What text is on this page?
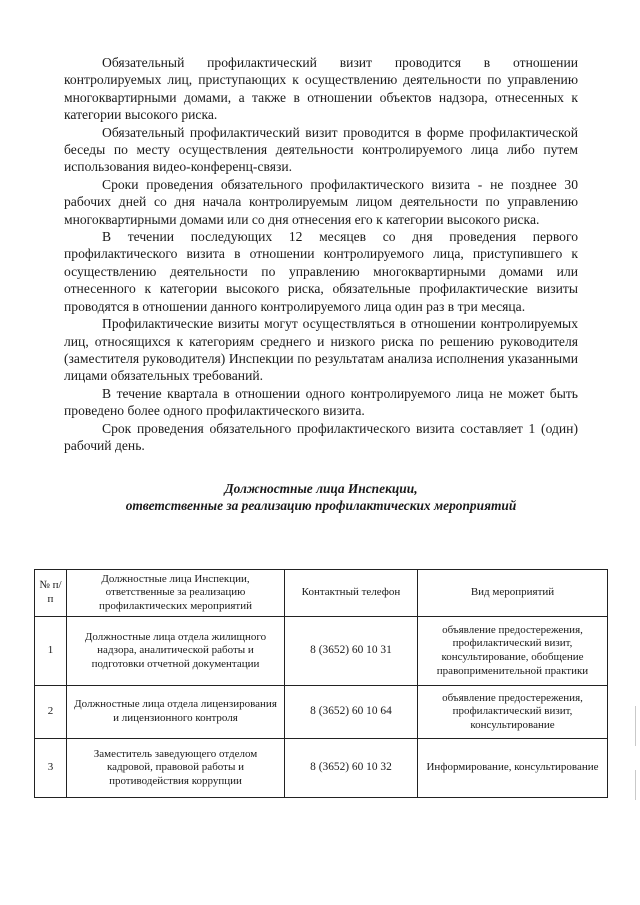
Обязательный профилактический визит проводится в отношении контролируемых лиц, приступающих к осуществлению деятельности по управлению многоквартирными домами, а также в отношении объектов надзора, отнесенных к категории высокого риска.

Обязательный профилактический визит проводится в форме профилактической беседы по месту осуществления деятельности контролируемого лица либо путем использования видео-конференц-связи.

Сроки проведения обязательного профилактического визита - не позднее 30 рабочих дней со дня начала контролируемым лицом деятельности по управлению многоквартирными домами или со дня отнесения его к категории высокого риска.

В течении последующих 12 месяцев со дня проведения первого профилактического визита в отношении контролируемого лица, приступившего к осуществлению деятельности по управлению многоквартирными домами или отнесенного к категории высокого риска, обязательные профилактические визиты проводятся в отношении данного контролируемого лица один раз в три месяца.

Профилактические визиты могут осуществляться в отношении контролируемых лиц, относящихся к категориям среднего и низкого риска по решению руководителя (заместителя руководителя) Инспекции по результатам анализа исполнения указанными лицами обязательных требований.

В течение квартала в отношении одного контролируемого лица не может быть проведено более одного профилактического визита.

Срок проведения обязательного профилактического визита составляет 1 (один) рабочий день.

Должностные лица Инспекции,

ответственные за реализацию профилактических мероприятий

№ п/п	Должностные лица Инспекции, ответственные за реализацию профилактических мероприятий	Контактный телефон	Вид мероприятий
1	Должностные лица отдела жилищного надзора, аналитической работы и подготовки отчетной документации	8 (3652) 60 10 31	объявление предостережения, профилактический визит, консультирование, обобщение правоприменительной практики
2	Должностные лица отдела лицензирования и лицензионного контроля	8 (3652) 60 10 64	объявление предостережения, профилактический визит, консультирование
3	Заместитель заведующего отделом кадровой, правовой работы и противодействия коррупции	8 (3652) 60 10 32	Информирование, консультирование
